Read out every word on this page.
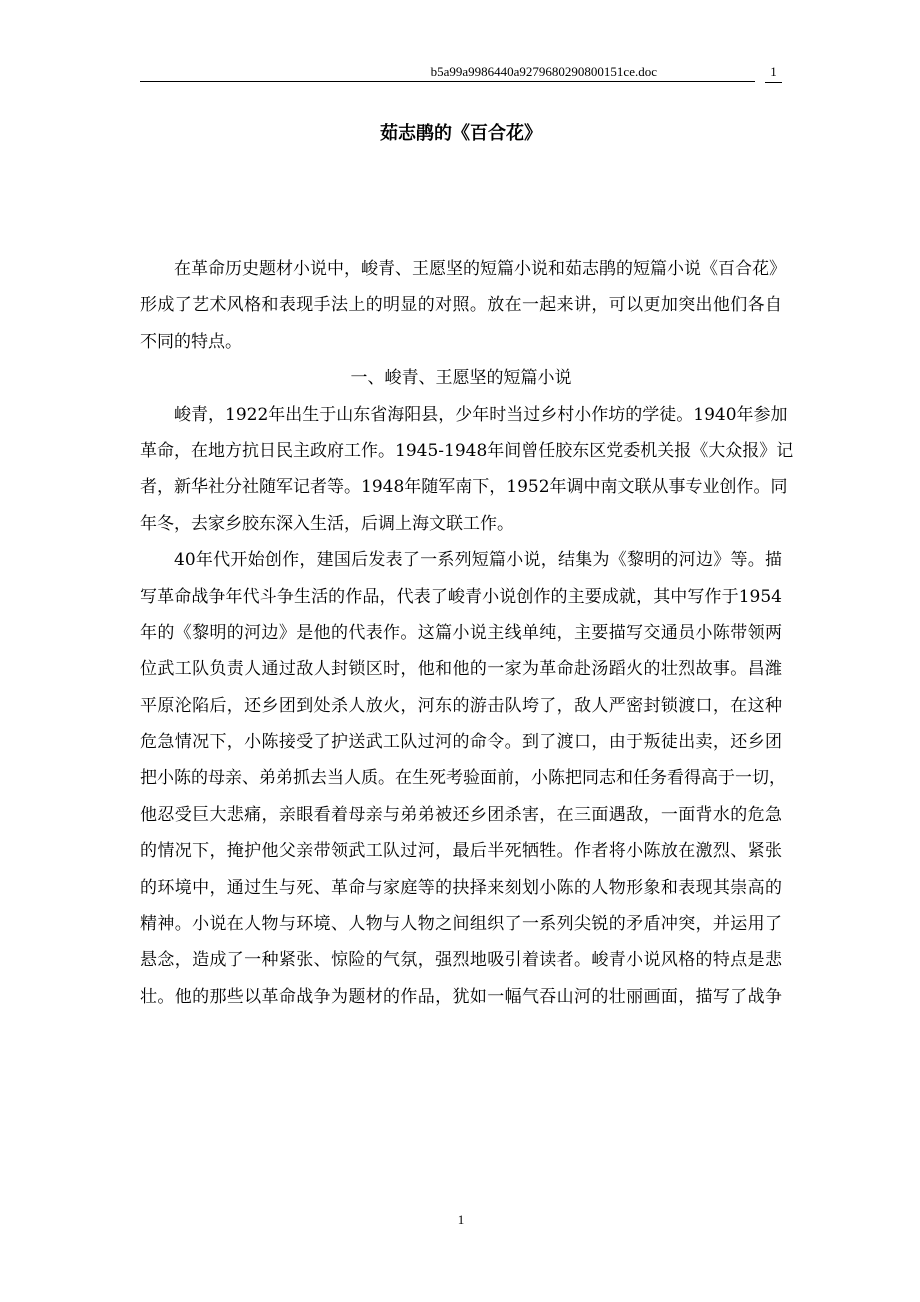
b5a99a9986440a9279680290800151ce.doc	1
茹志鹃的《百合花》
在革命历史题材小说中，峻青、王愿坚的短篇小说和茹志鹃的短篇小说《百合花》
形成了艺术风格和表现手法上的明显的对照。放在一起来讲，可以更加突出他们各自
不同的特点。
一、峻青、王愿坚的短篇小说
峻青，1922年出生于山东省海阳县，少年时当过乡村小作坊的学徒。1940年参加
革命，在地方抗日民主政府工作。1945-1948年间曾任胶东区党委机关报《大众报》记
者，新华社分社随军记者等。1948年随军南下，1952年调中南文联从事专业创作。同
年冬，去家乡胶东深入生活，后调上海文联工作。
40年代开始创作，建国后发表了一系列短篇小说，结集为《黎明的河边》等。描
写革命战争年代斗争生活的作品，代表了峻青小说创作的主要成就，其中写作于1954
年的《黎明的河边》是他的代表作。这篇小说主线单纯，主要描写交通员小陈带领两
位武工队负责人通过敌人封锁区时，他和他的一家为革命赴汤蹈火的壮烈故事。昌潍
平原沦陷后，还乡团到处杀人放火，河东的游击队垮了，敌人严密封锁渡口，在这种
危急情况下，小陈接受了护送武工队过河的命令。到了渡口，由于叛徒出卖，还乡团
把小陈的母亲、弟弟抓去当人质。在生死考验面前，小陈把同志和任务看得高于一切，
他忍受巨大悲痛，亲眼看着母亲与弟弟被还乡团杀害，在三面遇敌，一面背水的危急
的情况下，掩护他父亲带领武工队过河，最后半死牺牲。作者将小陈放在激烈、紧张
的环境中，通过生与死、革命与家庭等的抉择来刻划小陈的人物形象和表现其崇高的
精神。小说在人物与环境、人物与人物之间组织了一系列尖锐的矛盾冲突，并运用了
悬念，造成了一种紧张、惊险的气氛，强烈地吸引着读者。峻青小说风格的特点是悲
壮。他的那些以革命战争为题材的作品，犹如一幅气吞山河的壮丽画面，描写了战争
1
